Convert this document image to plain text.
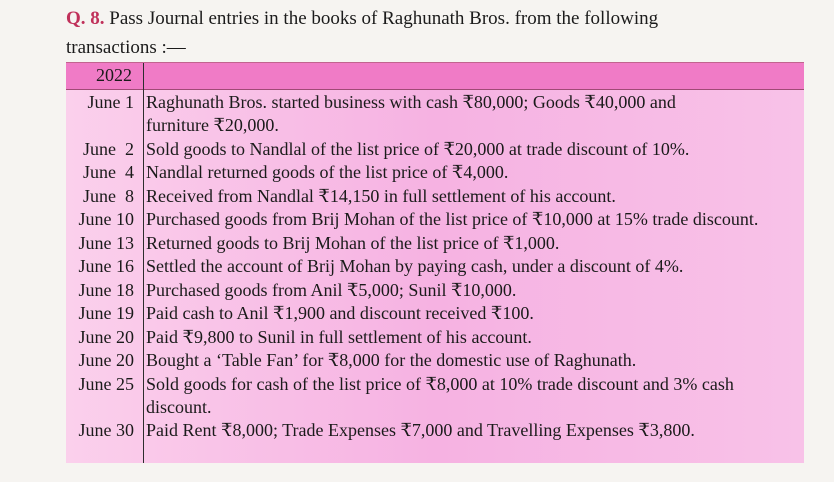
Q. 8. Pass Journal entries in the books of Raghunath Bros. from the following
transactions :—
2022
June 1 Raghunath Bros. started business with cash ₹80,000; Goods ₹40,000 and
furniture ₹20,000.
June  2 Sold goods to Nandlal of the list price of ₹20,000 at trade discount of 10%.
June  4 Nandlal returned goods of the list price of ₹4,000.
June  8 Received from Nandlal ₹14,150 in full settlement of his account.
June 10 Purchased goods from Brij Mohan of the list price of ₹10,000 at 15% trade discount.
June 13 Returned goods to Brij Mohan of the list price of ₹1,000.
June 16 Settled the account of Brij Mohan by paying cash, under a discount of 4%.
June 18 Purchased goods from Anil ₹5,000; Sunil ₹10,000.
June 19 Paid cash to Anil ₹1,900 and discount received ₹100.
June 20 Paid ₹9,800 to Sunil in full settlement of his account.
June 20 Bought a ‘Table Fan’ for ₹8,000 for the domestic use of Raghunath.
June 25 Sold goods for cash of the list price of ₹8,000 at 10% trade discount and 3% cash
discount.
June 30 Paid Rent ₹8,000; Trade Expenses ₹7,000 and Travelling Expenses ₹3,800.
